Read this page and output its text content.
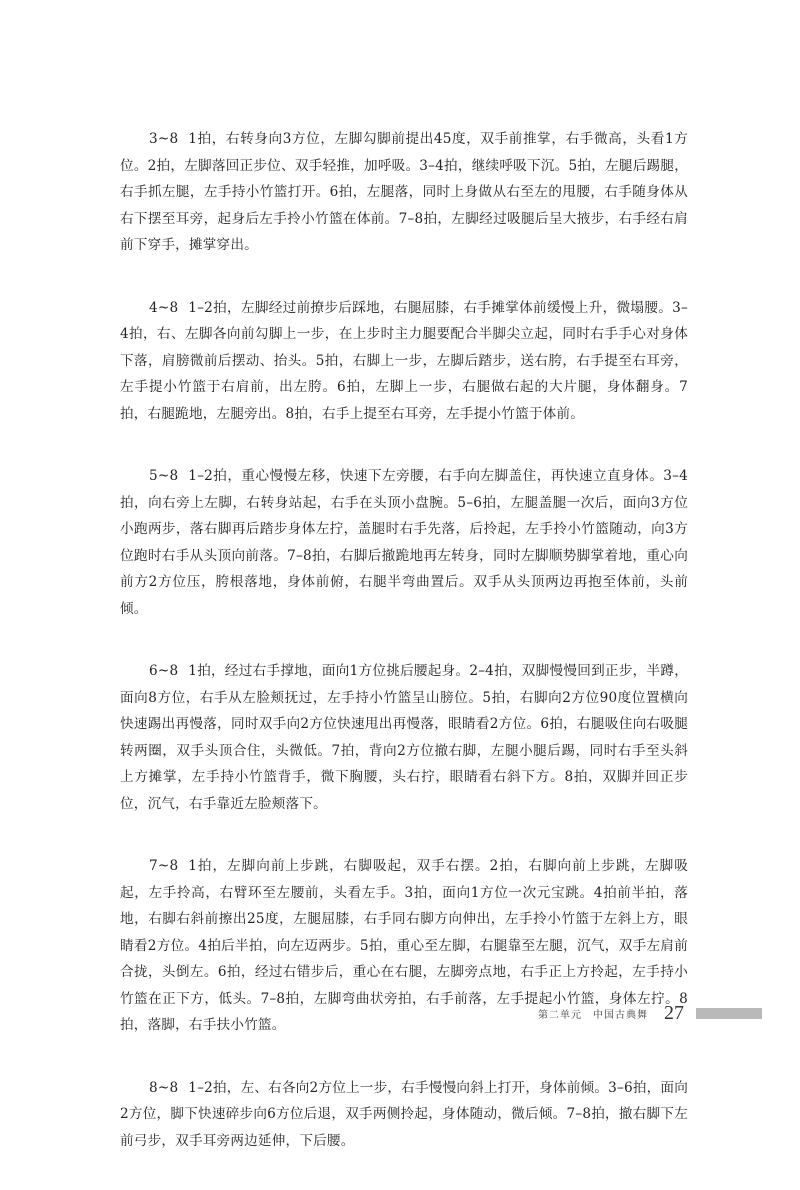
3~8 1拍，右转身向3方位，左脚勾脚前提出45度，双手前推掌，右手微高，头看1方位。2拍，左脚落回正步位、双手轻推，加呼吸。3–4拍，继续呼吸下沉。5拍，左腿后踢腿，右手抓左腿，左手持小竹篮打开。6拍，左腿落，同时上身做从右至左的甩腰，右手随身体从右下摆至耳旁，起身后左手拎小竹篮在体前。7–8拍，左脚经过吸腿后呈大掖步，右手经右肩前下穿手，摊掌穿出。

4~8 1–2拍，左脚经过前撩步后踩地，右腿屈膝，右手摊掌体前缓慢上升，微塌腰。3–4拍，右、左脚各向前勾脚上一步，在上步时主力腿要配合半脚尖立起，同时右手手心对身体下落，肩膀微前后摆动、抬头。5拍，右脚上一步，左脚后踏步，送右胯，右手提至右耳旁，左手提小竹篮于右肩前，出左胯。6拍，左脚上一步，右腿做右起的大片腿，身体翻身。7拍，右腿跪地，左腿旁出。8拍，右手上提至右耳旁，左手提小竹篮于体前。

5~8 1–2拍，重心慢慢左移，快速下左旁腰，右手向左脚盖住，再快速立直身体。3–4拍，向右旁上左脚，右转身站起，右手在头顶小盘腕。5–6拍，左腿盖腿一次后，面向3方位小跑两步，落右脚再后踏步身体左拧，盖腿时右手先落，后拎起，左手拎小竹篮随动，向3方位跑时右手从头顶向前落。7–8拍，右脚后撤跪地再左转身，同时左脚顺势脚掌着地，重心向前方2方位压，胯根落地，身体前俯，右腿半弯曲置后。双手从头顶两边再抱至体前，头前倾。

6~8 1拍，经过右手撑地，面向1方位挑后腰起身。2–4拍，双脚慢慢回到正步，半蹲，面向8方位，右手从左脸颊抚过，左手持小竹篮呈山膀位。5拍，右脚向2方位90度位置横向快速踢出再慢落，同时双手向2方位快速甩出再慢落，眼睛看2方位。6拍，右腿吸住向右吸腿转两圈，双手头顶合住，头微低。7拍，背向2方位撤右脚，左腿小腿后踢，同时右手至头斜上方摊掌，左手持小竹篮背手，微下胸腰，头右拧，眼睛看右斜下方。8拍，双脚并回正步位，沉气，右手靠近左脸颊落下。

7~8 1拍，左脚向前上步跳，右脚吸起，双手右摆。2拍，右脚向前上步跳，左脚吸起，左手拎高，右臂环至左腰前，头看左手。3拍，面向1方位一次元宝跳。4拍前半拍，落地，右脚右斜前擦出25度，左腿屈膝，右手同右脚方向伸出，左手拎小竹篮于左斜上方，眼睛看2方位。4拍后半拍，向左迈两步。5拍，重心至左脚，右腿靠至左腿，沉气，双手左肩前合拢，头倒左。6拍，经过右错步后，重心在右腿，左脚旁点地，右手正上方拎起，左手持小竹篮在正下方，低头。7–8拍，左脚弯曲状旁拍，右手前落，左手提起小竹篮，身体左拧。8拍，落脚，右手扶小竹篮。

8~8 1–2拍，左、右各向2方位上一步，右手慢慢向斜上打开，身体前倾。3–6拍，面向2方位，脚下快速碎步向6方位后退，双手两侧拎起，身体随动，微后倾。7–8拍，撤右脚下左前弓步，双手耳旁两边延伸，下后腰。

第二单元　中国古典舞 27
